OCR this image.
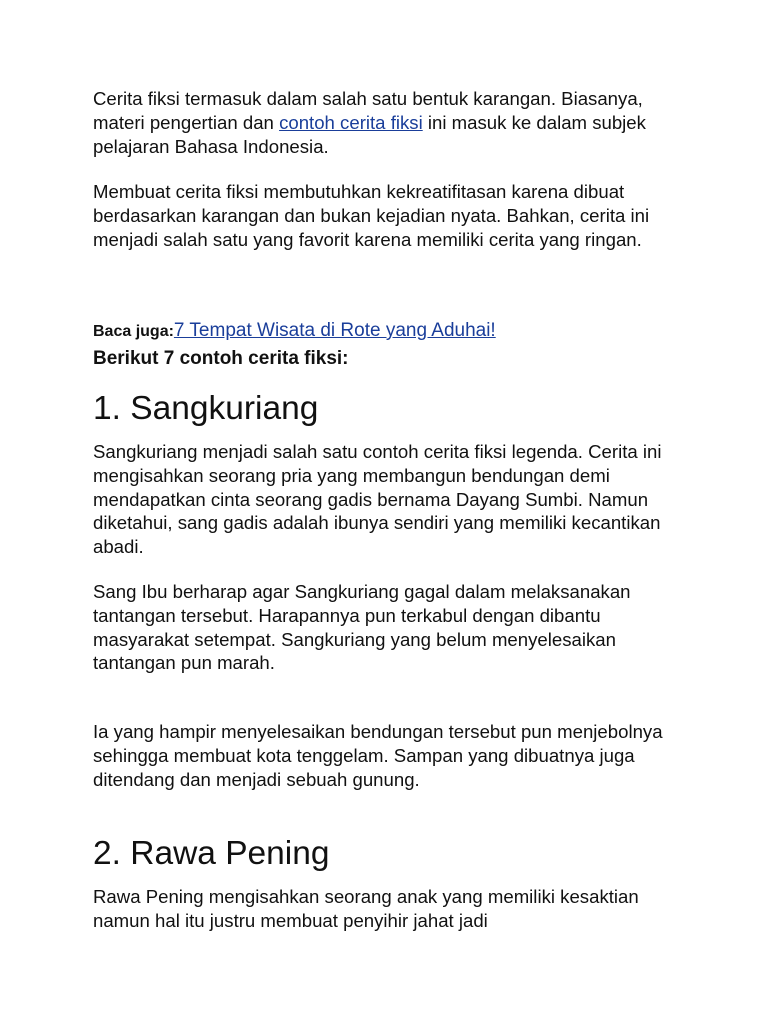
Cerita fiksi termasuk dalam salah satu bentuk karangan. Biasanya, materi pengertian dan contoh cerita fiksi ini masuk ke dalam subjek pelajaran Bahasa Indonesia.

Membuat cerita fiksi membutuhkan kekreatifitasan karena dibuat berdasarkan karangan dan bukan kejadian nyata. Bahkan, cerita ini menjadi salah satu yang favorit karena memiliki cerita yang ringan.

Baca juga:7 Tempat Wisata di Rote yang Aduhai!
Berikut 7 contoh cerita fiksi:
1. Sangkuriang

Sangkuriang menjadi salah satu contoh cerita fiksi legenda. Cerita ini mengisahkan seorang pria yang membangun bendungan demi mendapatkan cinta seorang gadis bernama Dayang Sumbi. Namun diketahui, sang gadis adalah ibunya sendiri yang memiliki kecantikan abadi.

Sang Ibu berharap agar Sangkuriang gagal dalam melaksanakan tantangan tersebut. Harapannya pun terkabul dengan dibantu masyarakat setempat. Sangkuriang yang belum menyelesaikan tantangan pun marah.

Ia yang hampir menyelesaikan bendungan tersebut pun menjebolnya sehingga membuat kota tenggelam. Sampan yang dibuatnya juga ditendang dan menjadi sebuah gunung.

2. Rawa Pening

Rawa Pening mengisahkan seorang anak yang memiliki kesaktian namun hal itu justru membuat penyihir jahat jadi
